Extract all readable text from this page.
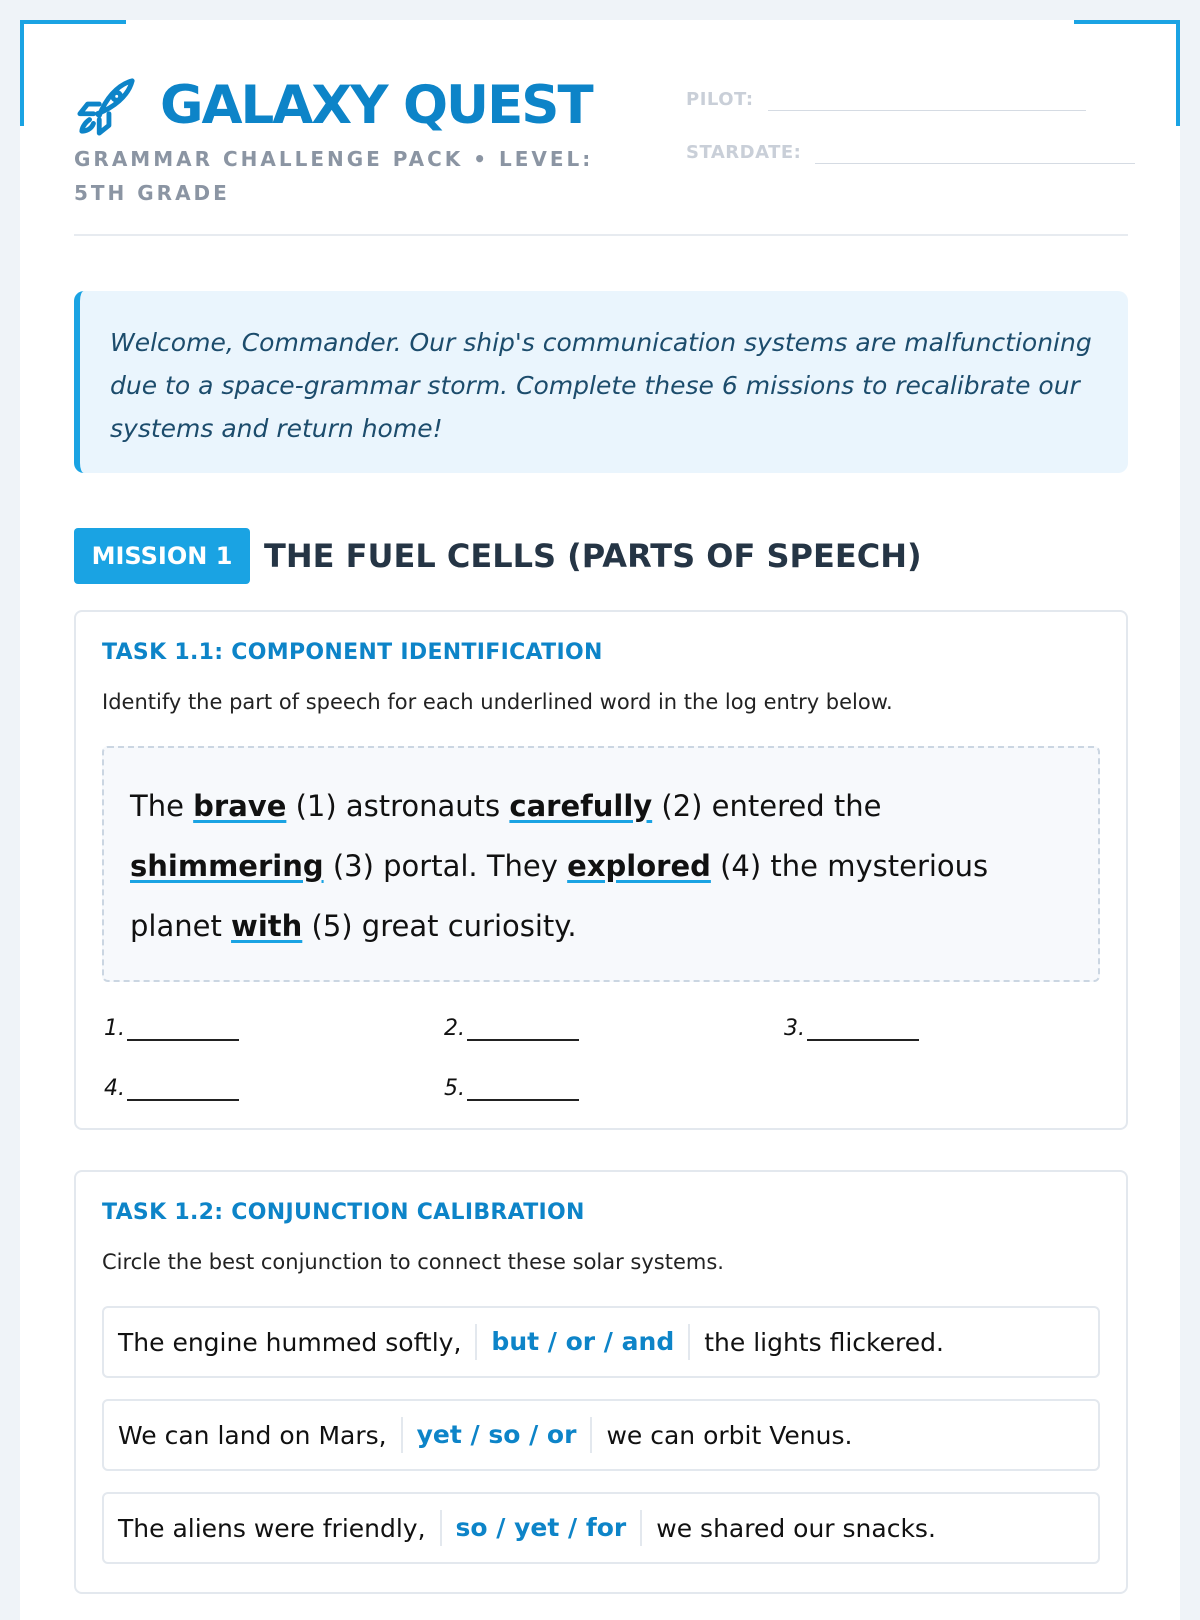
GALAXY QUEST
GRAMMAR CHALLENGE PACK • LEVEL: 5TH GRADE
PILOT:
STARDATE:
Welcome, Commander. Our ship's communication systems are malfunctioning due to a space-grammar storm. Complete these 6 missions to recalibrate our systems and return home!
MISSION 1 THE FUEL CELLS (PARTS OF SPEECH)
TASK 1.1: COMPONENT IDENTIFICATION
Identify the part of speech for each underlined word in the log entry below.
The brave (1) astronauts carefully (2) entered the shimmering (3) portal. They explored (4) the mysterious planet with (5) great curiosity.
1.	2.	3.
4.	5.
TASK 1.2: CONJUNCTION CALIBRATION
Circle the best conjunction to connect these solar systems.
The engine hummed softly,	but / or / and	the lights flickered.
We can land on Mars,	yet / so / or	we can orbit Venus.
The aliens were friendly,	so / yet / for	we shared our snacks.
